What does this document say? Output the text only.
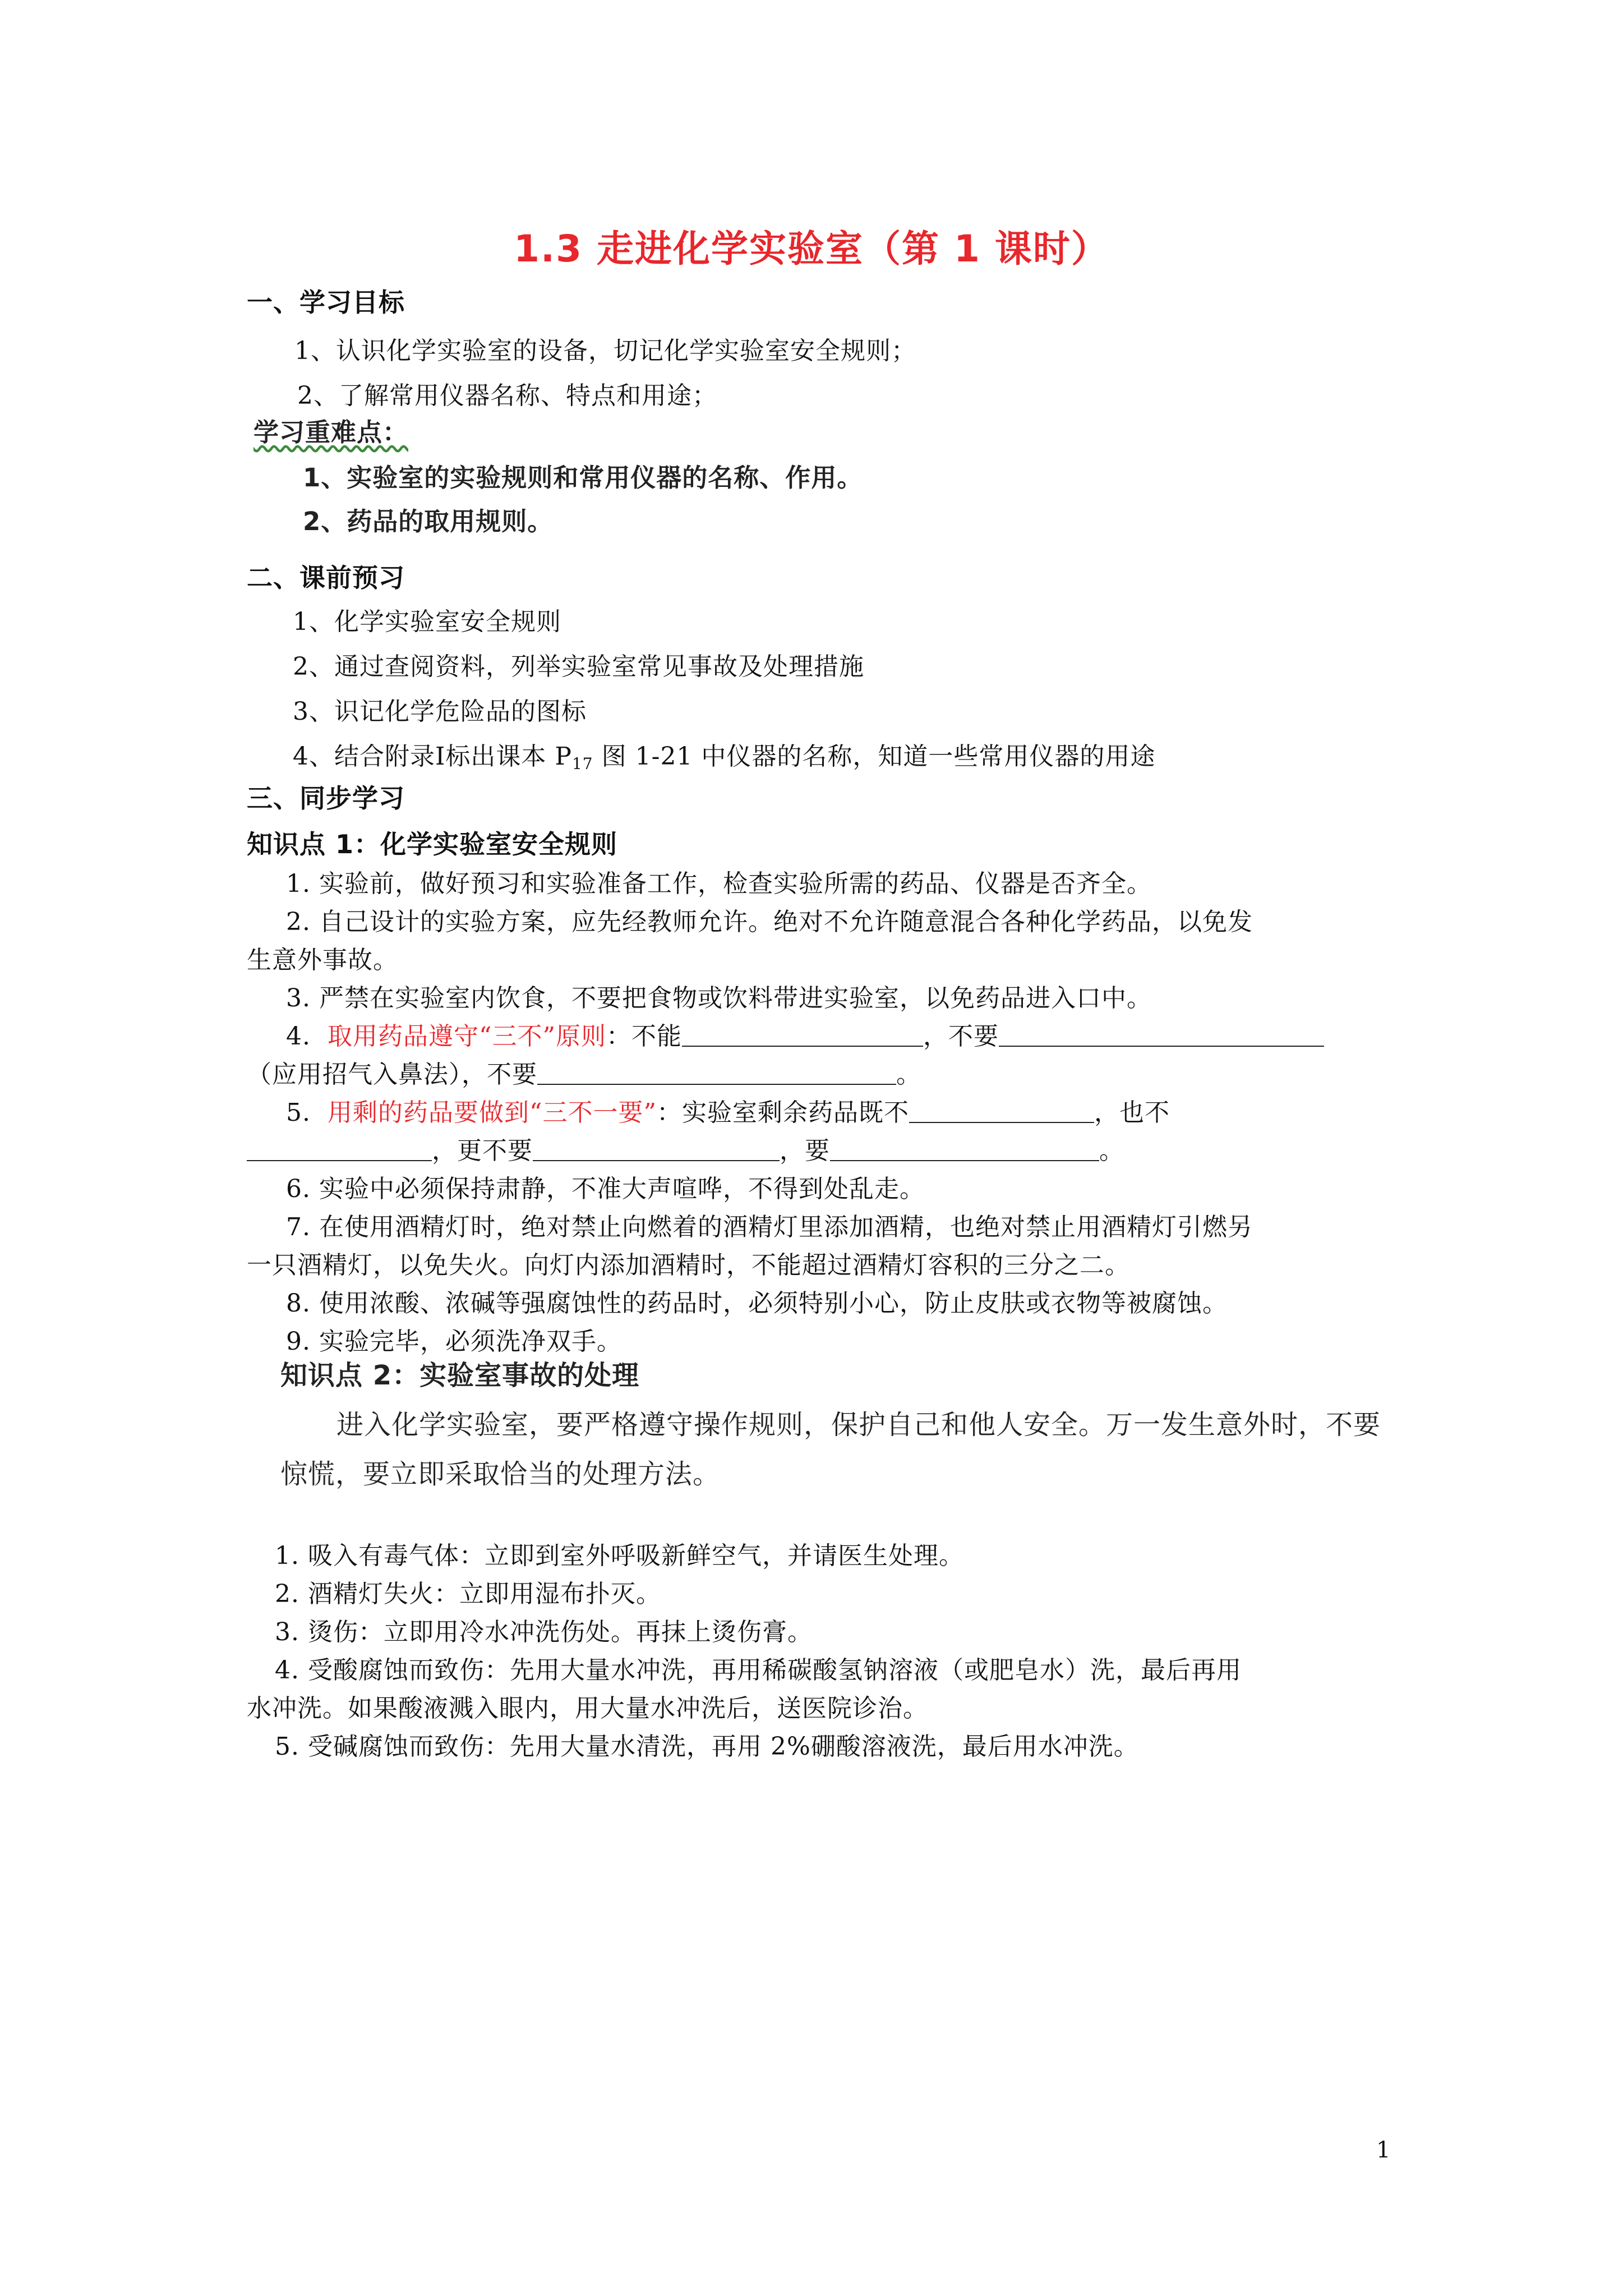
1.3 走进化学实验室（第 1 课时）
一、学习目标
1、认识化学实验室的设备，切记化学实验室安全规则；
2、了解常用仪器名称、特点和用途；
学习重难点：
1、实验室的实验规则和常用仪器的名称、作用。
2、药品的取用规则。
二、课前预习
1、化学实验室安全规则
2、通过查阅资料，列举实验室常见事故及处理措施
3、识记化学危险品的图标
4、结合附录Ⅰ标出课本 $P_{17}$ 图 1-21 中仪器的名称，知道一些常用仪器的用途
三、同步学习
知识点 1：化学实验室安全规则
1. 实验前，做好预习和实验准备工作，检查实验所需的药品、仪器是否齐全。
2. 自己设计的实验方案，应先经教师允许。绝对不允许随意混合各种化学药品，以免发
生意外事故。
3. 严禁在实验室内饮食，不要把食物或饮料带进实验室，以免药品进入口中。
4. 取用药品遵守“三不”原则：不能	，不要
（应用招气入鼻法），不要	。
5. 用剩的药品要做到“三不一要”：实验室剩余药品既不	，也不
，更不要	，要	。
6. 实验中必须保持肃静，不准大声喧哗，不得到处乱走。
7. 在使用酒精灯时，绝对禁止向燃着的酒精灯里添加酒精，也绝对禁止用酒精灯引燃另
一只酒精灯，以免失火。向灯内添加酒精时，不能超过酒精灯容积的三分之二。
8. 使用浓酸、浓碱等强腐蚀性的药品时，必须特别小心，防止皮肤或衣物等被腐蚀。
9. 实验完毕，必须洗净双手。
知识点 2：实验室事故的处理
进入化学实验室，要严格遵守操作规则，保护自己和他人安全。万一发生意外时，不要
惊慌，要立即采取恰当的处理方法。
1. 吸入有毒气体：立即到室外呼吸新鲜空气，并请医生处理。
2. 酒精灯失火：立即用湿布扑灭。
3. 烫伤：立即用冷水冲洗伤处。再抹上烫伤膏。
4. 受酸腐蚀而致伤：先用大量水冲洗，再用稀碳酸氢钠溶液（或肥皂水）洗，最后再用
水冲洗。如果酸液溅入眼内，用大量水冲洗后，送医院诊治。
5. 受碱腐蚀而致伤：先用大量水清洗，再用 2%硼酸溶液洗，最后用水冲洗。
1
